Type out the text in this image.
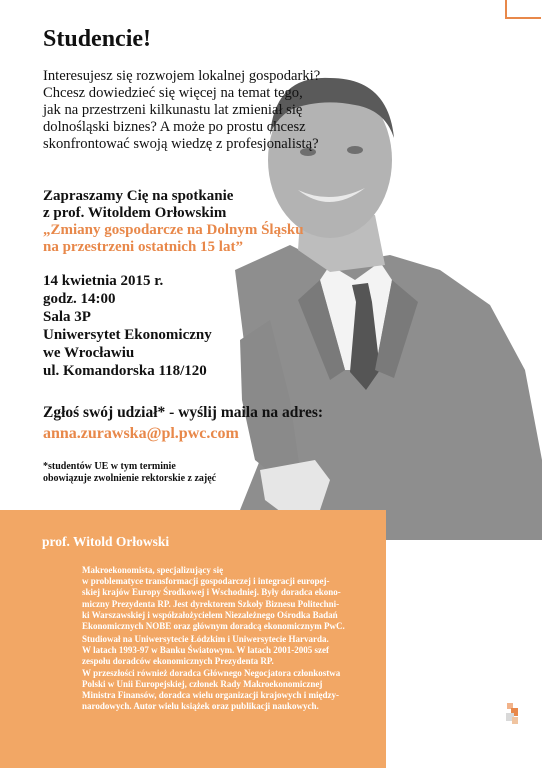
Studencie!
Interesujesz się rozwojem lokalnej gospodarki?
Chcesz dowiedzieć się więcej na temat tego,
jak na przestrzeni kilkunastu lat zmieniał się
dolnośląski biznes? A może po prostu chcesz
skonfrontować swoją wiedzę z profesjonalistą?
Zapraszamy Cię na spotkanie
z prof. Witoldem Orłowskim
„Zmiany gospodarcze na Dolnym Śląsku
na przestrzeni ostatnich 15 lat”
14 kwietnia 2015 r.
godz. 14:00
Sala 3P
Uniwersytet Ekonomiczny
we Wrocławiu
ul. Komandorska 118/120
Zgłoś swój udział* - wyślij maila na adres:
anna.zurawska@pl.pwc.com
*studentów UE w tym terminie
obowiązuje zwolnienie rektorskie z zajęć
prof. Witold Orłowski
Makroekonomista, specjalizujący się
w problematyce transformacji gospodarczej i integracji europej-
skiej krajów Europy Środkowej i Wschodniej. Były doradca ekono-
miczny Prezydenta RP. Jest dyrektorem Szkoły Biznesu Politechni-
ki Warszawskiej i współzałożycielem Niezależnego Ośrodka Badań
Ekonomicznych NOBE oraz głównym doradcą ekonomicznym PwC.
Studiował na Uniwersytecie Łódzkim i Uniwersytecie Harvarda.
W latach 1993-97 w Banku Światowym. W latach 2001-2005 szef
zespołu doradców ekonomicznych Prezydenta RP.
W przeszłości również doradca Głównego Negocjatora członkostwa
Polski w Unii Europejskiej, członek Rady Makroekonomicznej
Ministra Finansów, doradca wielu organizacji krajowych i między-
narodowych. Autor wielu książek oraz publikacji naukowych.
pwc
